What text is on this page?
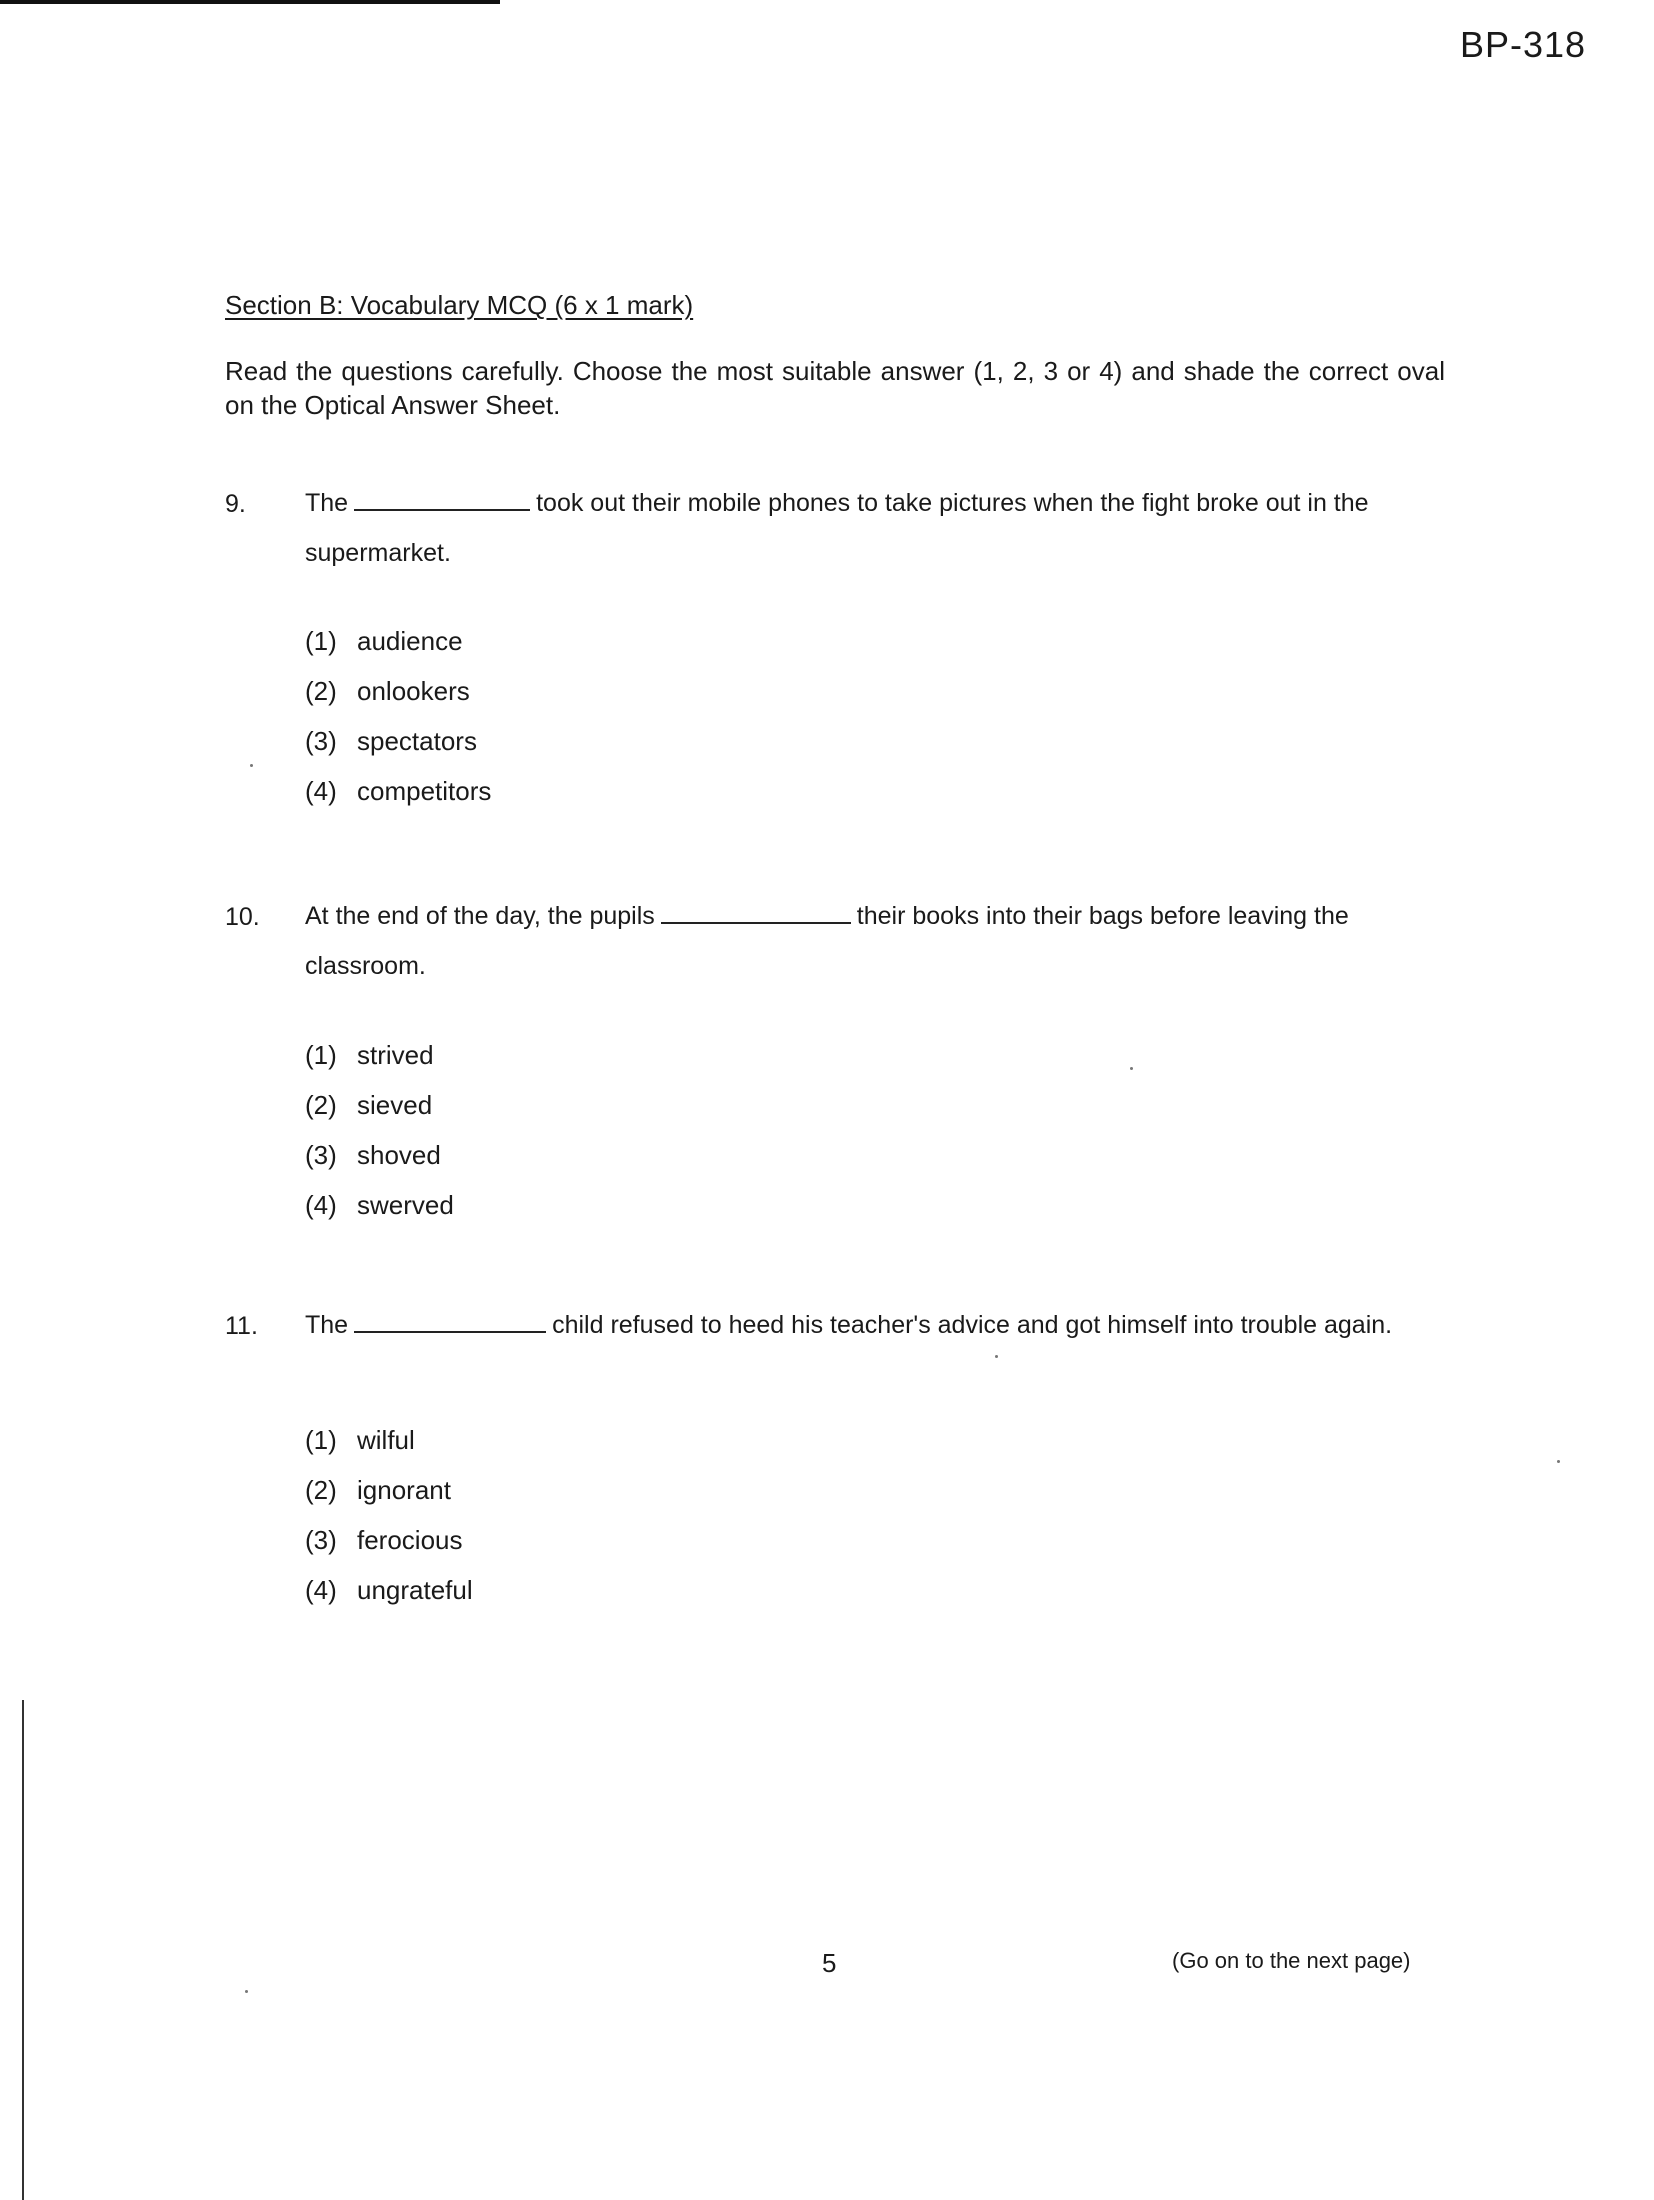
BP-318
Section B: Vocabulary MCQ (6 x 1 mark)
Read the questions carefully. Choose the most suitable answer (1, 2, 3 or 4) and shade the correct oval on the Optical Answer Sheet.
9. The	took out their mobile phones to take pictures when the fight broke out in the supermarket.
(1) audience
(2) onlookers
(3) spectators
(4) competitors
10. At the end of the day, the pupils	their books into their bags before leaving the classroom.
(1) strived
(2) sieved
(3) shoved
(4) swerved
11. The	child refused to heed his teacher's advice and got himself into trouble again.
(1) wilful
(2) ignorant
(3) ferocious
(4) ungrateful
5	(Go on to the next page)
